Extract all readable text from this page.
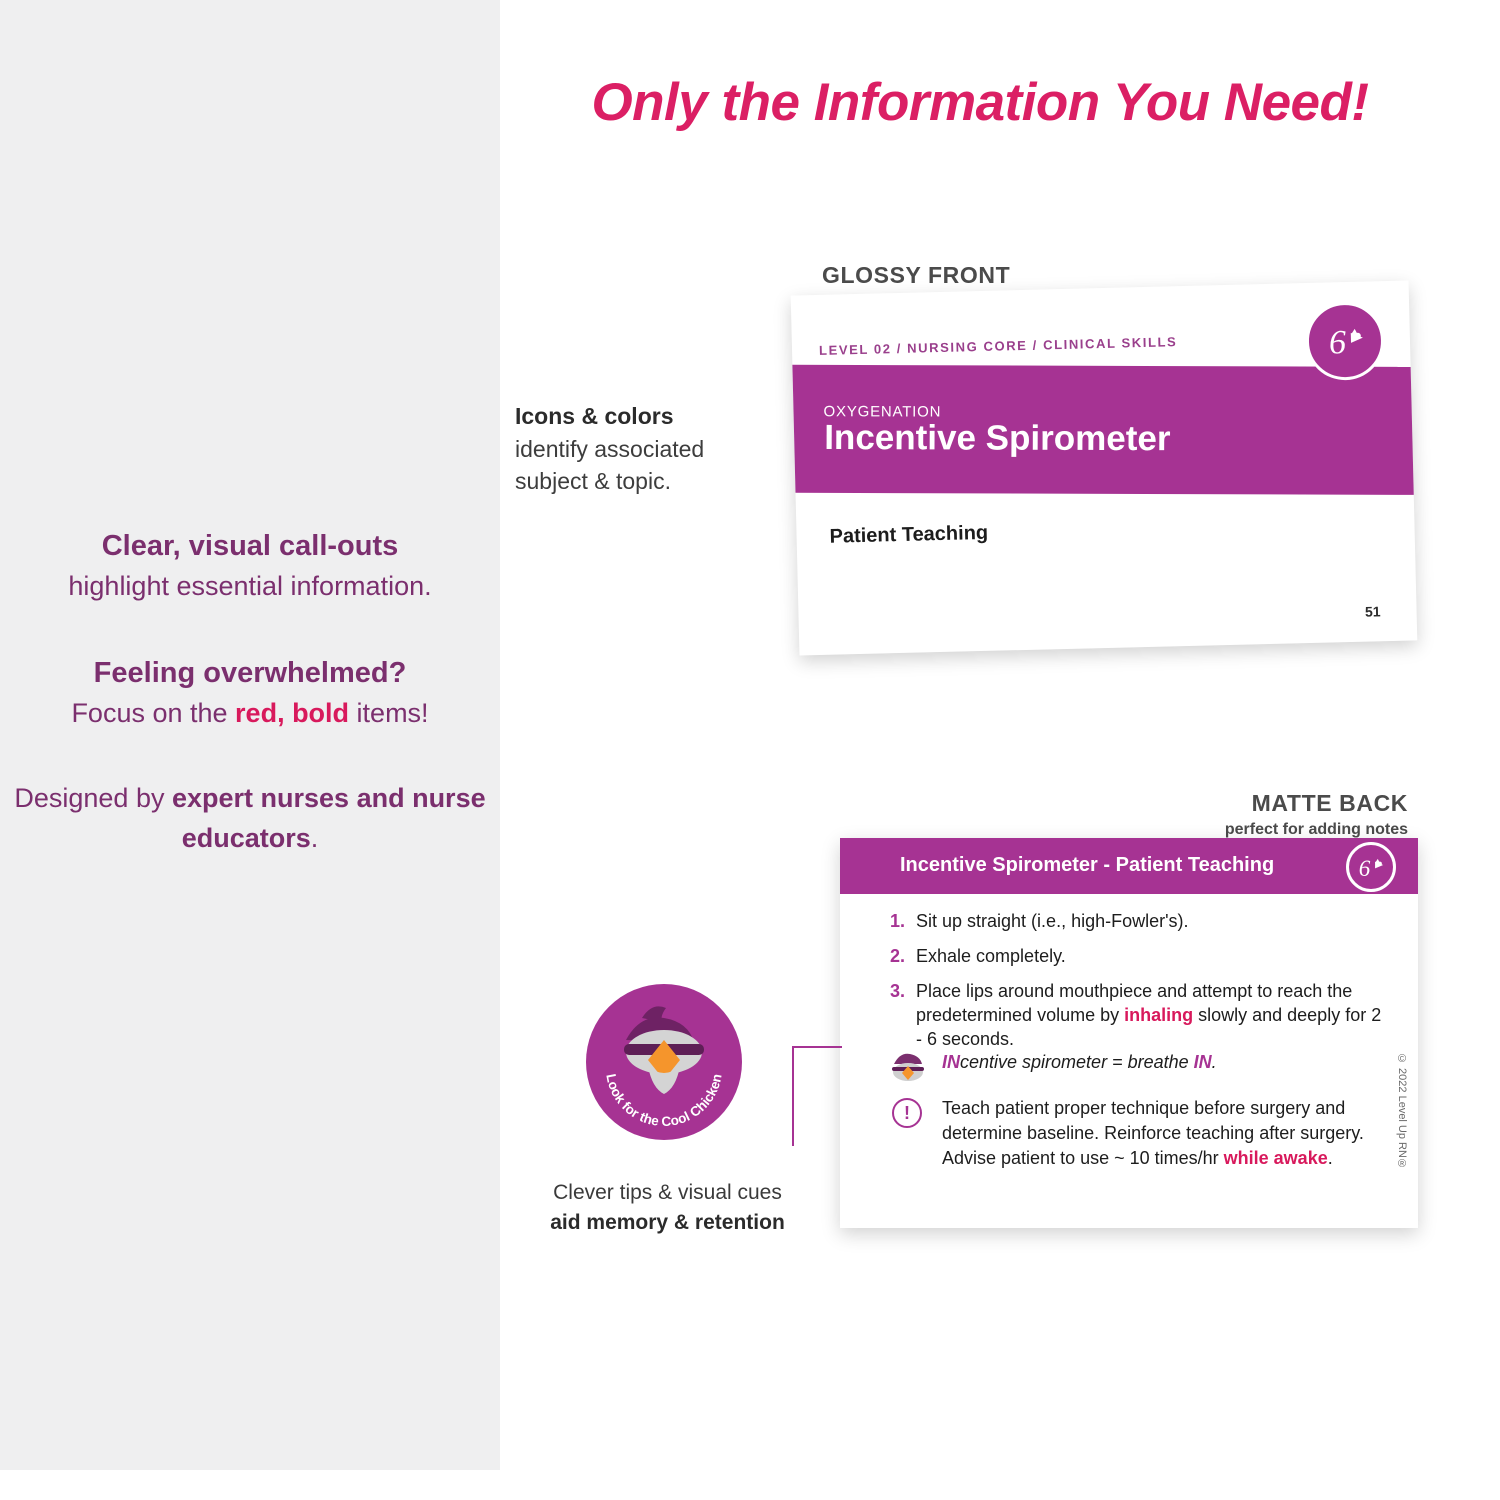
Only the Information You Need!

Clear, visual call-outs
highlight essential information.

Feeling overwhelmed?
Focus on the red, bold items!

Designed by expert nurses and nurse educators.

Icons & colors
identify associated subject & topic.
GLOSSY FRONT
LEVEL 02 / NURSING CORE / CLINICAL SKILLS
OXYGENATION
Incentive Spirometer
Patient Teaching
51
6
MATTE BACK
perfect for adding notes
Incentive Spirometer - Patient Teaching 6
1. Sit up straight (i.e., high-Fowler's).
2. Exhale completely.
3. Place lips around mouthpiece and attempt to reach the predetermined volume by inhaling slowly and deeply for 2 - 6 seconds.
INcentive spirometer = breathe IN.
!	Teach patient proper technique before surgery and determine baseline. Reinforce teaching after surgery. Advise patient to use ~ 10 times/hr while awake.	© 2022 Level Up RN®
Look for the Cool Chicken
Clever tips & visual cues
aid memory & retention
